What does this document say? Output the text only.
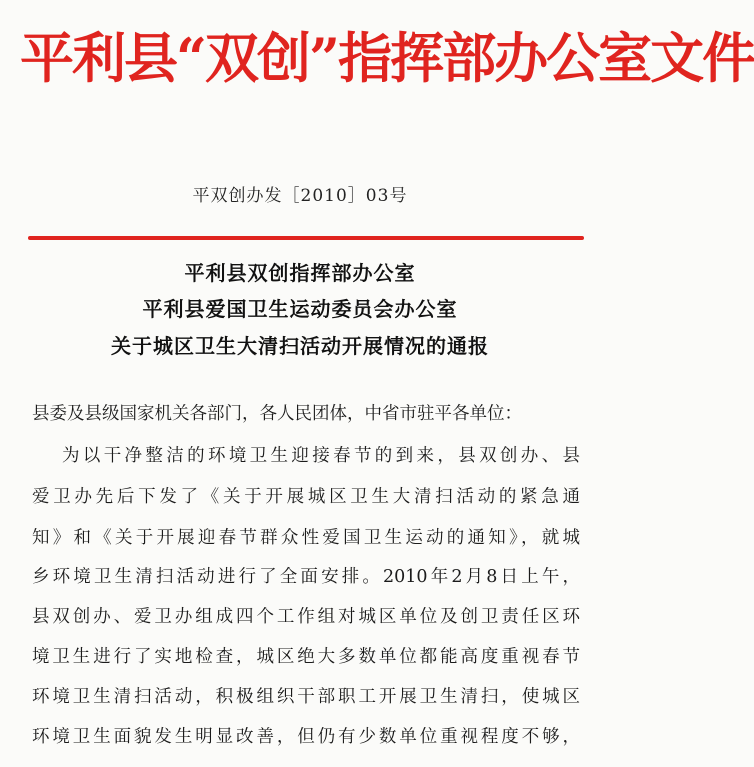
平利县“双创”指挥部办公室文件
平双创办发［2010］03号
平利县双创指挥部办公室
平利县爱国卫生运动委员会办公室
关于城区卫生大清扫活动开展情况的通报
县委及县级国家机关各部门，各人民团体，中省市驻平各单位：
为以干净整洁的环境卫生迎接春节的到来，县双创办、县
爱卫办先后下发了《关于开展城区卫生大清扫活动的紧急通
知》和《关于开展迎春节群众性爱国卫生运动的通知》，就城
乡环境卫生清扫活动进行了全面安排。2010年2月8日上午，
县双创办、爱卫办组成四个工作组对城区单位及创卫责任区环
境卫生进行了实地检查，城区绝大多数单位都能高度重视春节
环境卫生清扫活动，积极组织干部职工开展卫生清扫，使城区
环境卫生面貌发生明显改善，但仍有少数单位重视程度不够，
